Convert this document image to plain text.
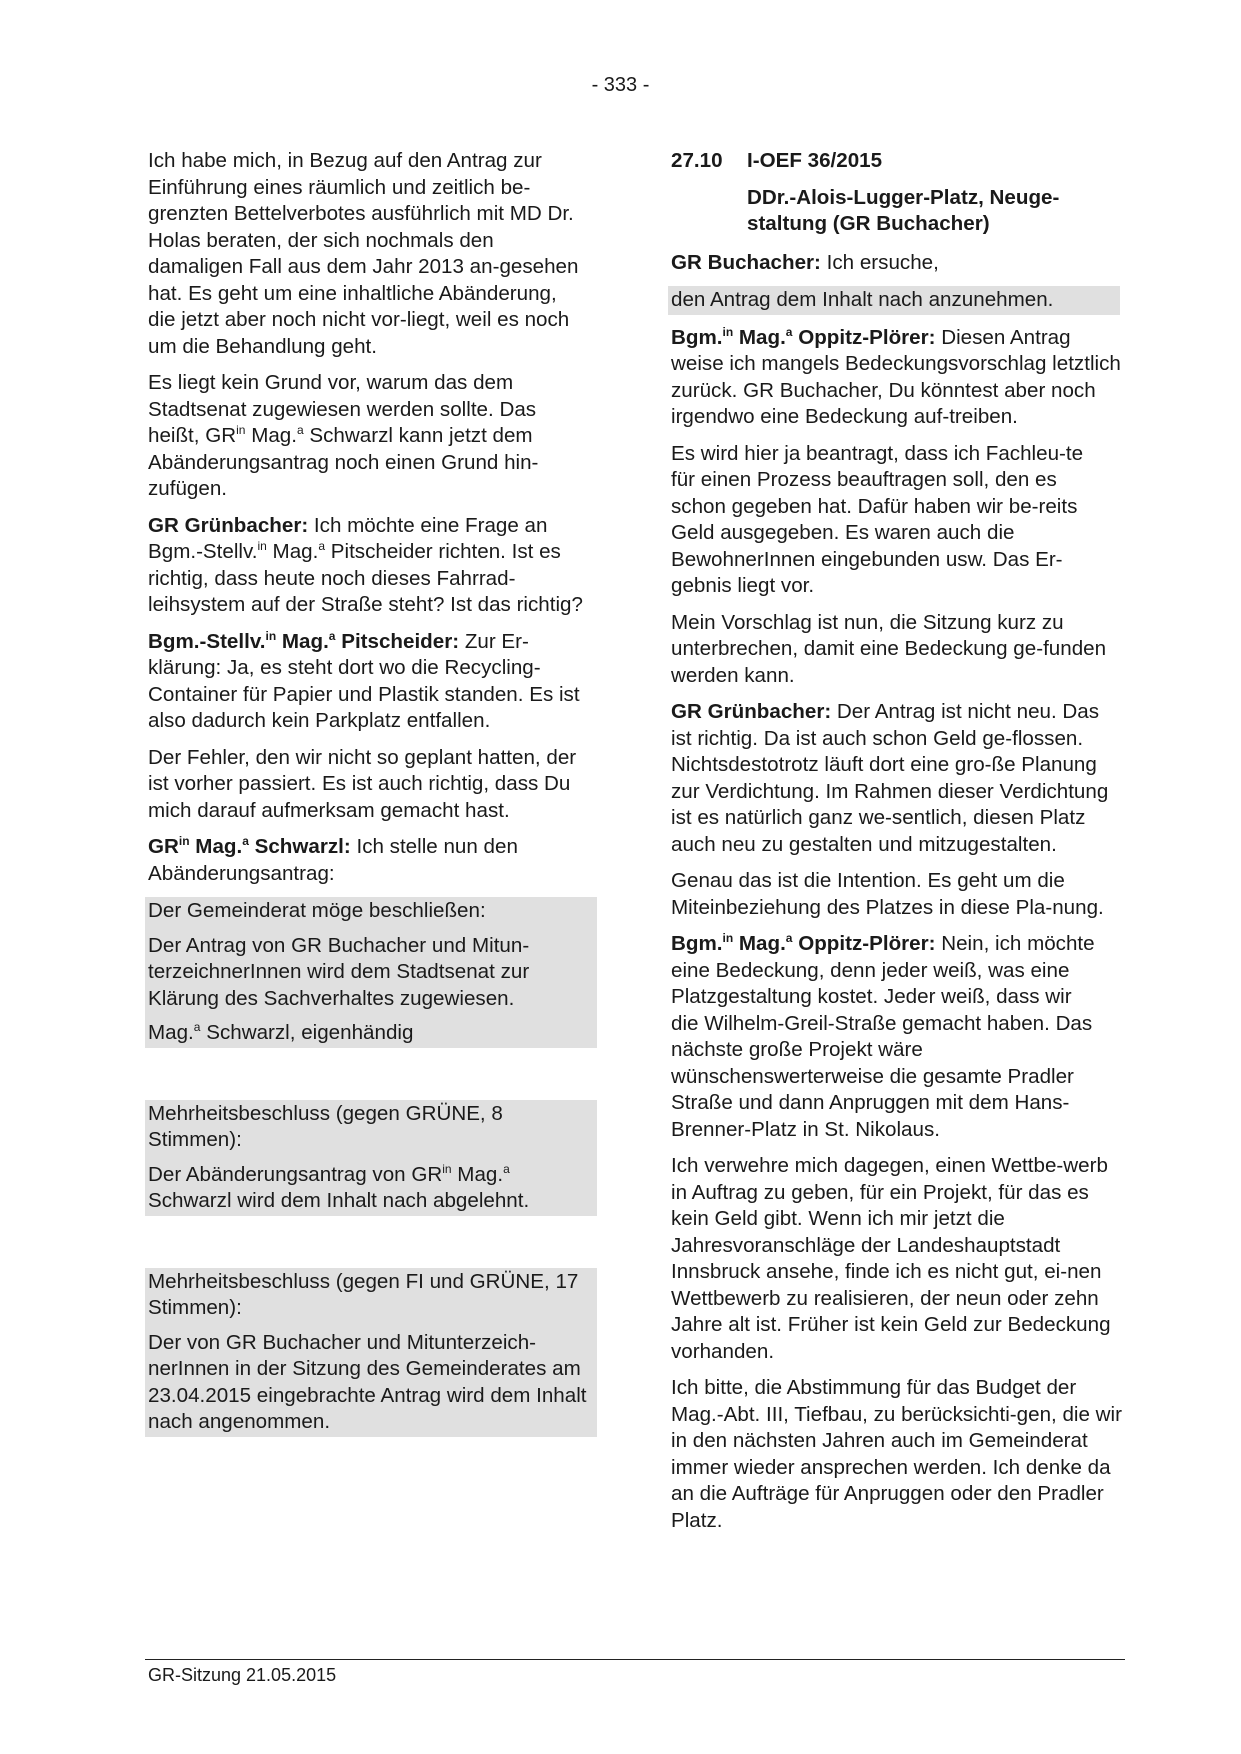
- 333 -

Ich habe mich, in Bezug auf den Antrag zur Einführung eines räumlich und zeitlich be-grenzten Bettelverbotes ausführlich mit MD Dr. Holas beraten, der sich nochmals den damaligen Fall aus dem Jahr 2013 an-gesehen hat. Es geht um eine inhaltliche Abänderung, die jetzt aber noch nicht vor-liegt, weil es noch um die Behandlung geht.

Es liegt kein Grund vor, warum das dem Stadtsenat zugewiesen werden sollte. Das heißt, $GR^{in}$ Mag.$^a$ Schwarzl kann jetzt dem Abänderungsantrag noch einen Grund hin-zufügen.

GR Grünbacher: Ich möchte eine Frage an Bgm.-Stellv.$^{in}$ Mag.$^a$ Pitscheider richten. Ist es richtig, dass heute noch dieses Fahrrad-leihsystem auf der Straße steht? Ist das richtig?

Bgm.-Stellv.$^{in}$ Mag.$^a$ Pitscheider: Zur Er-klärung: Ja, es steht dort wo die Recycling-Container für Papier und Plastik standen. Es ist also dadurch kein Parkplatz entfallen.

Der Fehler, den wir nicht so geplant hatten, der ist vorher passiert. Es ist auch richtig, dass Du mich darauf aufmerksam gemacht hast.

$GR^{in}$ Mag.$^a$ Schwarzl: Ich stelle nun den Abänderungsantrag:

Der Gemeinderat möge beschließen:

Der Antrag von GR Buchacher und Mitun-terzeichnerInnen wird dem Stadtsenat zur Klärung des Sachverhaltes zugewiesen.

Mag.$^a$ Schwarzl, eigenhändig

Mehrheitsbeschluss (gegen GRÜNE, 8 Stimmen):

Der Abänderungsantrag von $GR^{in}$ Mag.$^a$ Schwarzl wird dem Inhalt nach abgelehnt.

Mehrheitsbeschluss (gegen FI und GRÜNE, 17 Stimmen):

Der von GR Buchacher und Mitunterzeich-nerInnen in der Sitzung des Gemeinderates am 23.04.2015 eingebrachte Antrag wird dem Inhalt nach angenommen.

27.10	I-OEF 36/2015
DDr.-Alois-Lugger-Platz, Neuge-staltung (GR Buchacher)

GR Buchacher: Ich ersuche,

den Antrag dem Inhalt nach anzunehmen.

Bgm.$^{in}$ Mag.$^a$ Oppitz-Plörer: Diesen Antrag weise ich mangels Bedeckungsvorschlag letztlich zurück. GR Buchacher, Du könntest aber noch irgendwo eine Bedeckung auf-treiben.

Es wird hier ja beantragt, dass ich Fachleu-te für einen Prozess beauftragen soll, den es schon gegeben hat. Dafür haben wir be-reits Geld ausgegeben. Es waren auch die BewohnerInnen eingebunden usw. Das Er-gebnis liegt vor.

Mein Vorschlag ist nun, die Sitzung kurz zu unterbrechen, damit eine Bedeckung ge-funden werden kann.

GR Grünbacher: Der Antrag ist nicht neu. Das ist richtig. Da ist auch schon Geld ge-flossen. Nichtsdestotrotz läuft dort eine gro-ße Planung zur Verdichtung. Im Rahmen dieser Verdichtung ist es natürlich ganz we-sentlich, diesen Platz auch neu zu gestalten und mitzugestalten.

Genau das ist die Intention. Es geht um die Miteinbeziehung des Platzes in diese Pla-nung.

Bgm.$^{in}$ Mag.$^a$ Oppitz-Plörer: Nein, ich möchte eine Bedeckung, denn jeder weiß, was eine Platzgestaltung kostet. Jeder weiß, dass wir die Wilhelm-Greil-Straße gemacht haben. Das nächste große Projekt wäre wünschenswerterweise die gesamte Pradler Straße und dann Anpruggen mit dem Hans-Brenner-Platz in St. Nikolaus.

Ich verwehre mich dagegen, einen Wettbe-werb in Auftrag zu geben, für ein Projekt, für das es kein Geld gibt. Wenn ich mir jetzt die Jahresvoranschläge der Landeshauptstadt Innsbruck ansehe, finde ich es nicht gut, ei-nen Wettbewerb zu realisieren, der neun oder zehn Jahre alt ist. Früher ist kein Geld zur Bedeckung vorhanden.

Ich bitte, die Abstimmung für das Budget der Mag.-Abt. III, Tiefbau, zu berücksichti-gen, die wir in den nächsten Jahren auch im Gemeinderat immer wieder ansprechen werden. Ich denke da an die Aufträge für Anpruggen oder den Pradler Platz.

GR-Sitzung 21.05.2015
